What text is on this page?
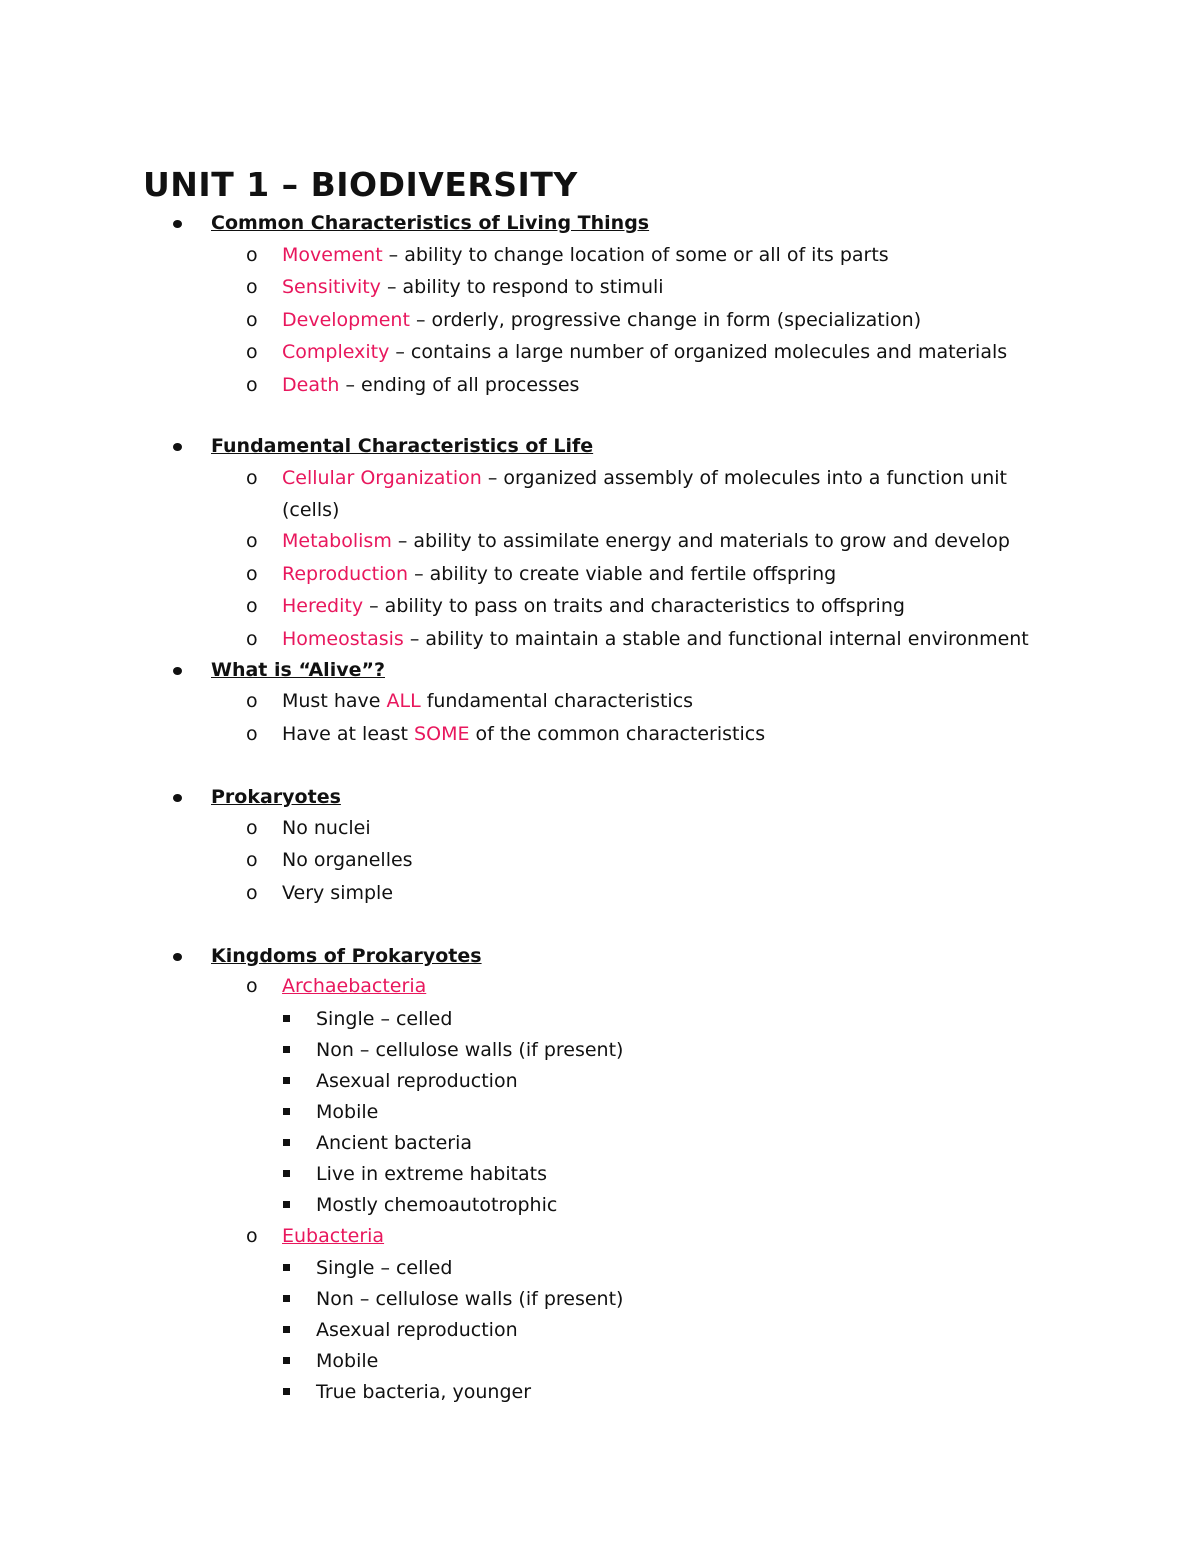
UNIT 1 – BIODIVERSITY
Common Characteristics of Living Things
o Movement – ability to change location of some or all of its parts
o Sensitivity – ability to respond to stimuli
o Development – orderly, progressive change in form (specialization)
o Complexity – contains a large number of organized molecules and materials
o Death – ending of all processes
Fundamental Characteristics of Life
o Cellular Organization – organized assembly of molecules into a function unit
(cells)
o Metabolism – ability to assimilate energy and materials to grow and develop
o Reproduction – ability to create viable and fertile offspring
o Heredity – ability to pass on traits and characteristics to offspring
o Homeostasis – ability to maintain a stable and functional internal environment
What is “Alive”?
o Must have ALL fundamental characteristics
o Have at least SOME of the common characteristics
Prokaryotes
o No nuclei
o No organelles
o Very simple
Kingdoms of Prokaryotes
o Archaebacteria
Single – celled
Non – cellulose walls (if present)
Asexual reproduction
Mobile
Ancient bacteria
Live in extreme habitats
Mostly chemoautotrophic
o Eubacteria
Single – celled
Non – cellulose walls (if present)
Asexual reproduction
Mobile
True bacteria, younger
